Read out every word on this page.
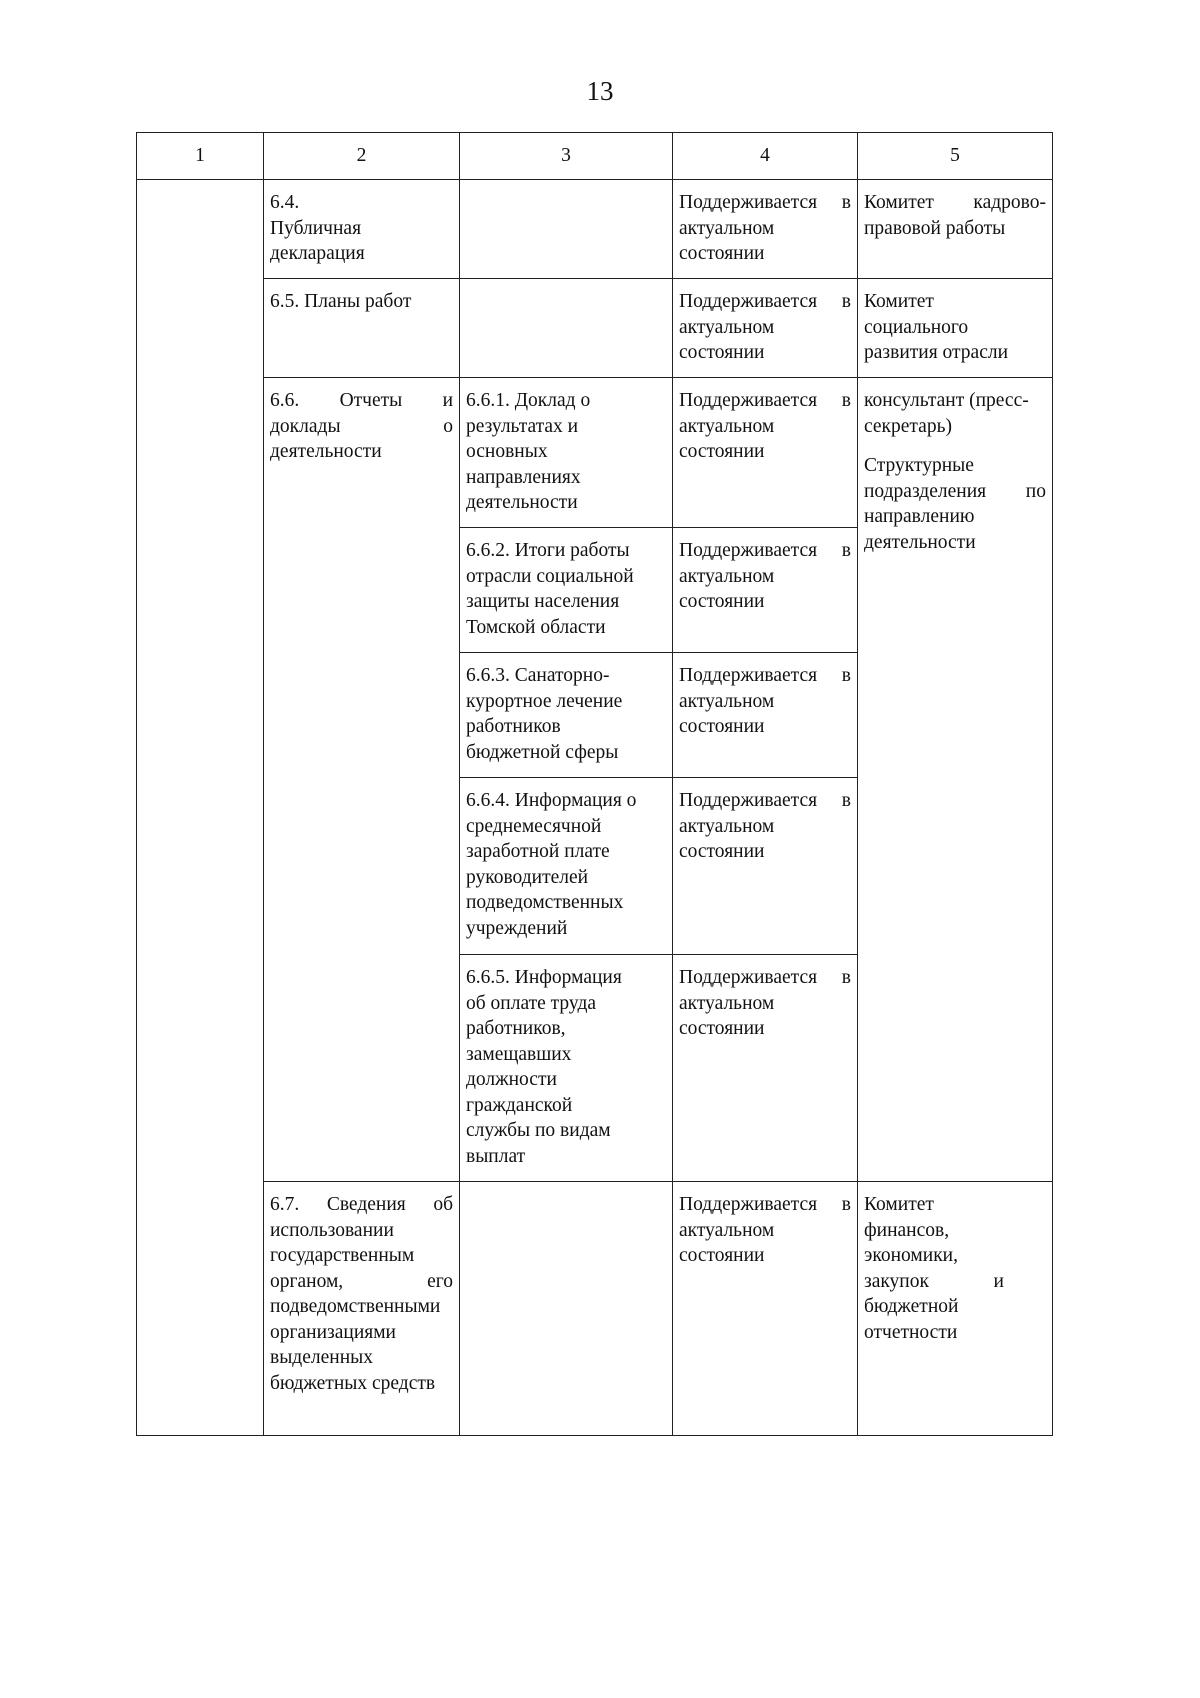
13
1	2	3	4	5

	6.4. Публичная декларация		Поддерживается в актуальном состоянии	Комитет кадрово-правовой работы
	6.5. Планы работ		Поддерживается в актуальном состоянии	Комитет социального развития отрасли

	6.6. Отчеты и доклады о деятельности	6.6.1. Доклад о результатах и основных направлениях деятельности	Поддерживается в актуальном состоянии	консультант (пресс-секретарь)
Структурные подразделения по направлению деятельности

		6.6.2. Итоги работы отрасли социальной защиты населения Томской области	Поддерживается в актуальном состоянии	

		6.6.3. Санаторно-курортное лечение работников бюджетной сферы	Поддерживается в актуальном состоянии	

		6.6.4. Информация о среднемесячной заработной плате руководителей подведомственных учреждений	Поддерживается в актуальном состоянии	

		6.6.5. Информация об оплате труда работников, замещавших должности гражданской службы по видам выплат	Поддерживается в актуальном состоянии	
	6.7. Сведения об использовании государственным органом, его подведомственными организациями выделенных бюджетных средств		Поддерживается в актуальном состоянии	Комитет финансов, экономики, закупок и бюджетной отчетности
